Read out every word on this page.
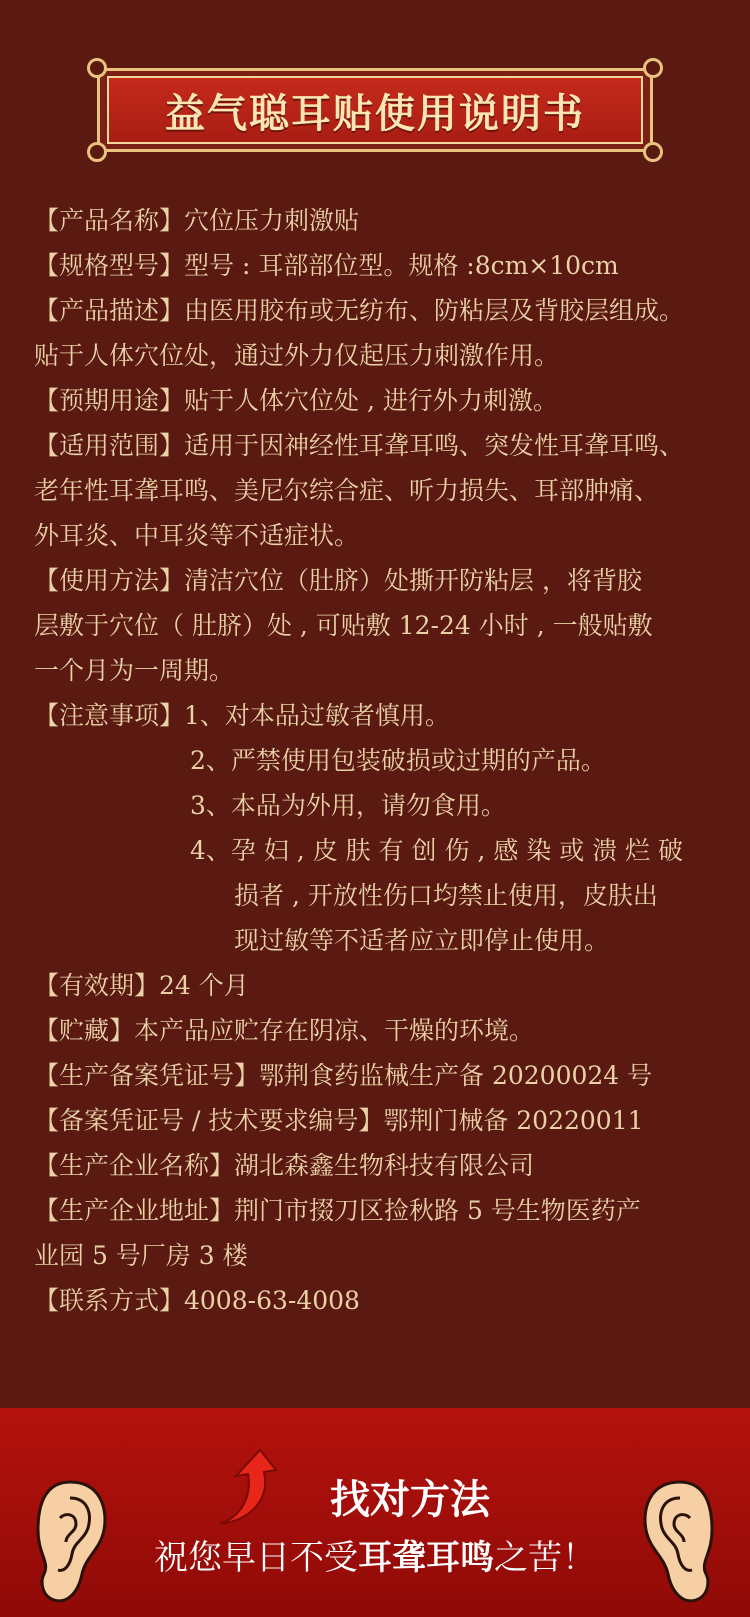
益气聪耳贴使用说明书
【产品名称】穴位压力刺激贴
【规格型号】型号 : 耳部部位型。规格 :8cm×10cm
【产品描述】由医用胶布或无纺布、防粘层及背胶层组成。
贴于人体穴位处，通过外力仅起压力刺激作用。
【预期用途】贴于人体穴位处 , 进行外力刺激。
【适用范围】适用于因神经性耳聋耳鸣、突发性耳聋耳鸣、
老年性耳聋耳鸣、美尼尔综合症、听力损失、耳部肿痛、
外耳炎、中耳炎等不适症状。
【使用方法】清洁穴位（肚脐）处撕开防粘层 ，将背胶
层敷于穴位（ 肚脐）处 , 可贴敷 12-24 小时 , 一般贴敷
一个月为一周期。
【注意事项】1、对本品过敏者慎用。
2、严禁使用包装破损或过期的产品。
3、本品为外用，请勿食用。
4、孕 妇 , 皮 肤 有 创 伤 , 感 染 或 溃 烂 破
损者 , 开放性伤口均禁止使用，皮肤出
现过敏等不适者应立即停止使用。
【有效期】24 个月
【贮藏】本产品应贮存在阴凉、干燥的环境。
【生产备案凭证号】鄂荆食药监械生产备 20200024 号
【备案凭证号 / 技术要求编号】鄂荆门械备 20220011
【生产企业名称】湖北森鑫生物科技有限公司
【生产企业地址】荆门市掇刀区捡秋路 5 号生物医药产
业园 5 号厂房 3 楼
【联系方式】4008-63-4008
找对方法
祝您早日不受耳聋耳鸣之苦！
